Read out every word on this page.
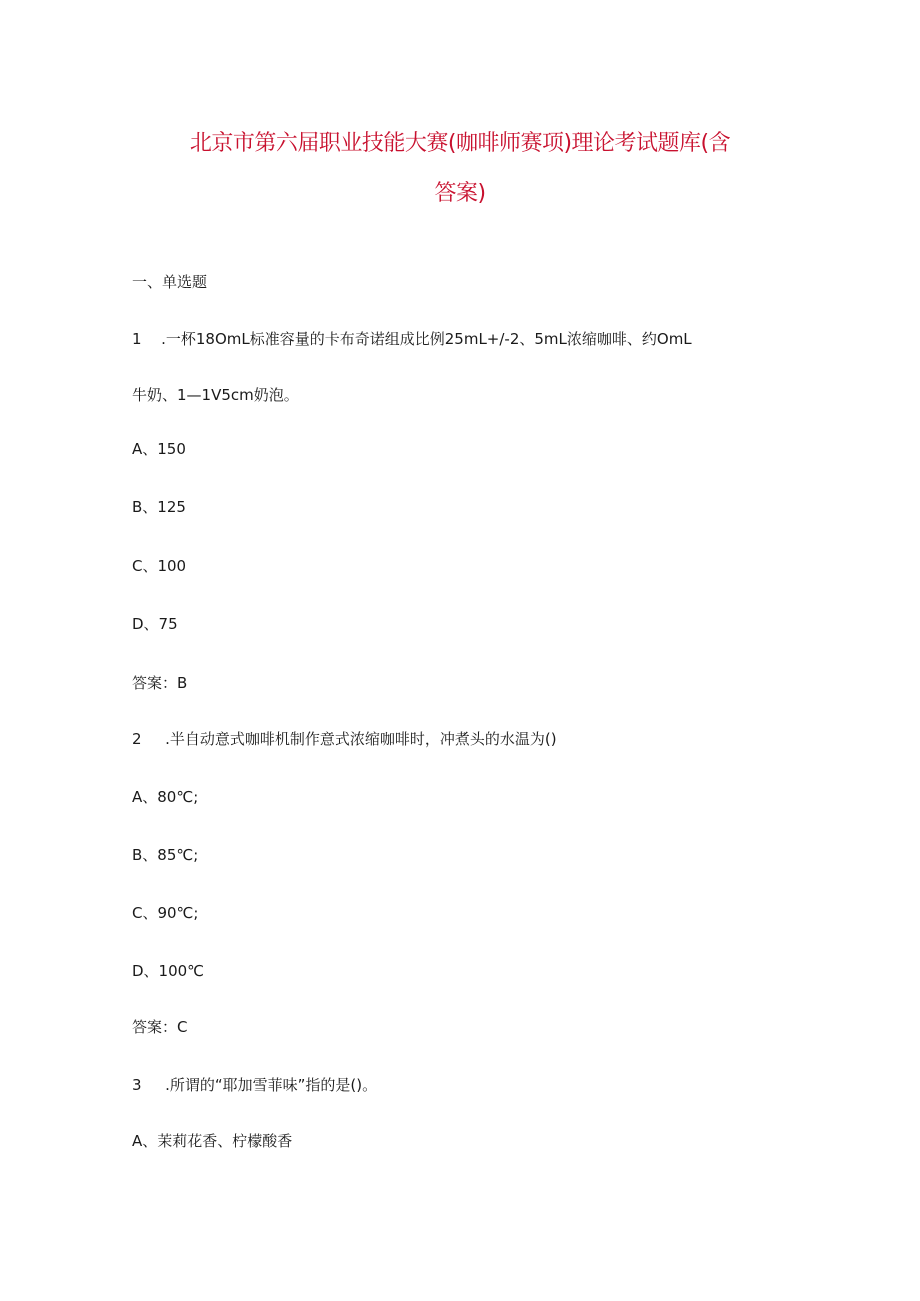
北京市第六届职业技能大赛(咖啡师赛项)理论考试题库(含
答案)
一、单选题
1 .一杯18OmL标准容量的卡布奇诺组成比例25mL+/-2、5mL浓缩咖啡、约OmL
牛奶、1—1V5cm奶泡。
A、150
B、125
C、100
D、75
答案：B
2 .半自动意式咖啡机制作意式浓缩咖啡时，冲煮头的水温为()
A、80℃;
B、85℃;
C、90℃;
D、100℃
答案：C
3 .所谓的“耶加雪菲味”指的是()。
A、茉莉花香、柠檬酸香
